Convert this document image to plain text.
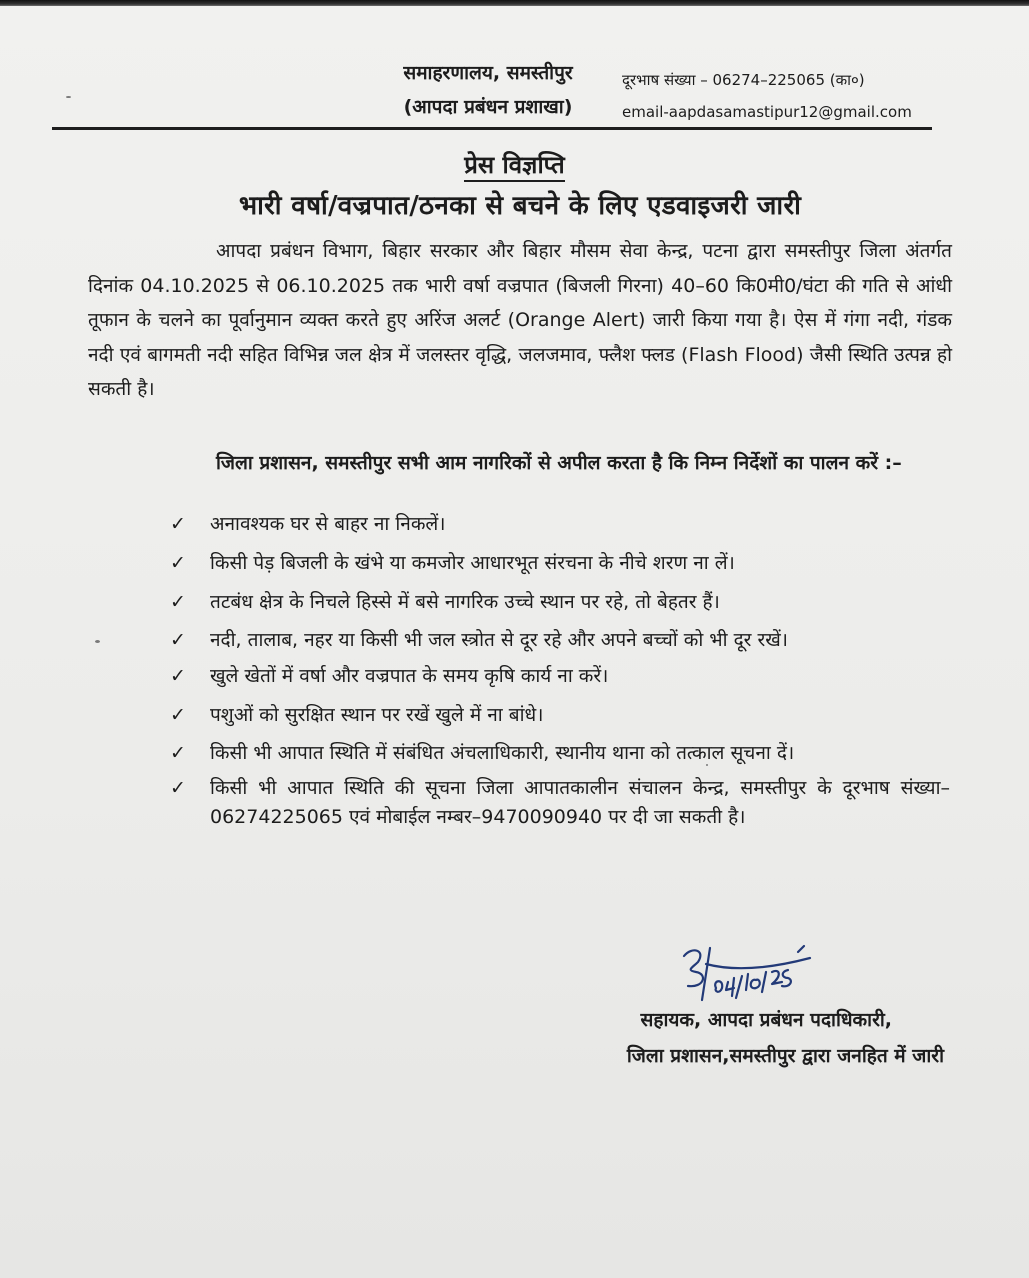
समाहरणालय, समस्तीपुर
(आपदा प्रबंधन प्रशाखा)
दूरभाष संख्या – 06274–225065 (का०)
email-aapdasamastipur12@gmail.com
प्रेस विज्ञप्ति
भारी वर्षा/वज्रपात/ठनका से बचने के लिए एडवाइजरी जारी
आपदा प्रबंधन विभाग, बिहार सरकार और बिहार मौसम सेवा केन्द्र, पटना द्वारा समस्तीपुर जिला अंतर्गत दिनांक 04.10.2025 से 06.10.2025 तक भारी वर्षा वज्रपात (बिजली गिरना) 40–60 कि0मी0/घंटा की गति से आंधी तूफान के चलने का पूर्वानुमान व्यक्त करते हुए अरिंज अलर्ट (Orange Alert) जारी किया गया है। ऐस में गंगा नदी, गंडक नदी एवं बागमती नदी सहित विभिन्न जल क्षेत्र में जलस्तर वृद्धि, जलजमाव, फ्लैश फ्लड (Flash Flood) जैसी स्थिति उत्पन्न हो सकती है।
जिला प्रशासन, समस्तीपुर सभी आम नागरिकों से अपील करता है कि निम्न निर्देशों का पालन करें :–
✓ अनावश्यक घर से बाहर ना निकलें।
✓ किसी पेड़ बिजली के खंभे या कमजोर आधारभूत संरचना के नीचे शरण ना लें।
✓ तटबंध क्षेत्र के निचले हिस्से में बसे नागरिक उच्चे स्थान पर रहे, तो बेहतर हैं।
✓ नदी, तालाब, नहर या किसी भी जल स्त्रोत से दूर रहे और अपने बच्चों को भी दूर रखें।
✓ खुले खेतों में वर्षा और वज्रपात के समय कृषि कार्य ना करें।
✓ पशुओं को सुरक्षित स्थान पर रखें खुले में ना बांधे।
✓ किसी भी आपात स्थिति में संबंधित अंचलाधिकारी, स्थानीय थाना को तत्काल सूचना दें।
✓ किसी भी आपात स्थिति की सूचना जिला आपातकालीन संचालन केन्द्र, समस्तीपुर के दूरभाष संख्या–06274225065 एवं मोबाईल नम्बर–9470090940 पर दी जा सकती है।
सहायक, आपदा प्रबंधन पदाधिकारी,
जिला प्रशासन,समस्तीपुर द्वारा जनहित में जारी
